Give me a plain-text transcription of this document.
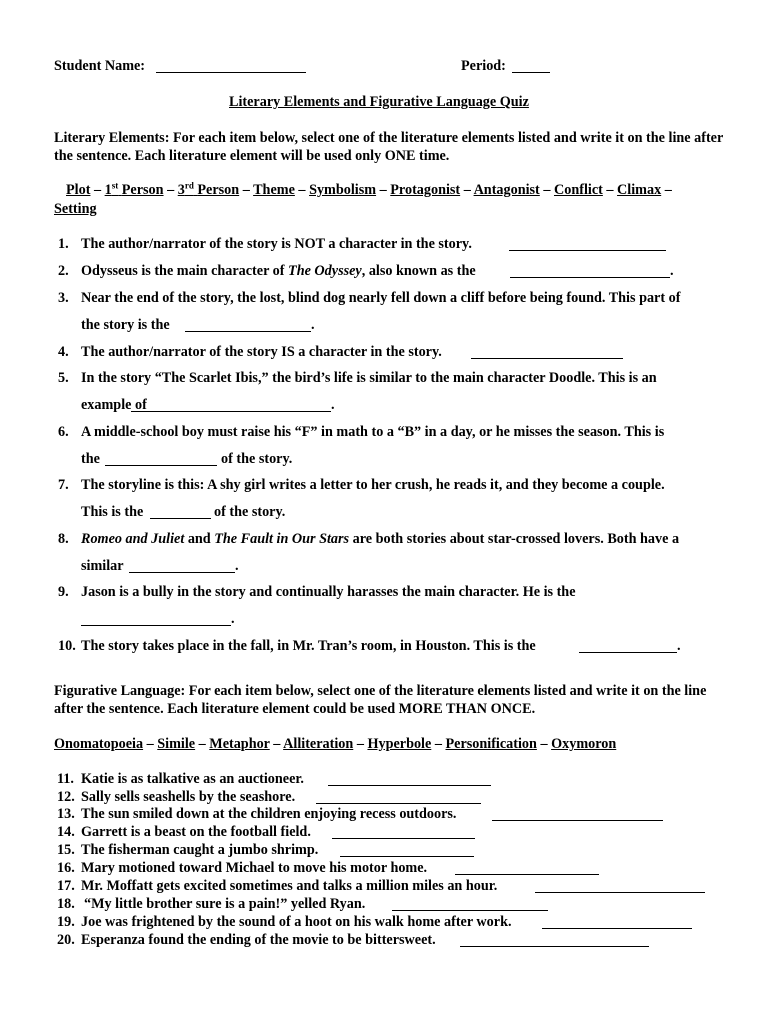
Student Name:	Period:
Literary Elements and Figurative Language Quiz
Literary Elements: For each item below, select one of the literature elements listed and write it on the line after the sentence. Each literature element will be used only ONE time.
Plot – 1st Person – 3rd Person – Theme – Symbolism – Protagonist – Antagonist – Conflict – Climax –
Setting
1. The author/narrator of the story is NOT a character in the story.
2. Odysseus is the main character of The Odyssey, also known as the	.
3. Near the end of the story, the lost, blind dog nearly fell down a cliff before being found. This part of
the story is the	.
4. The author/narrator of the story IS a character in the story.
5. In the story “The Scarlet Ibis,” the bird’s life is similar to the main character Doodle. This is an
example of	.
6. A middle-school boy must raise his “F” in math to a “B” in a day, or he misses the season. This is
the	of the story.
7. The storyline is this: A shy girl writes a letter to her crush, he reads it, and they become a couple.
This is the	of the story.
8. Romeo and Juliet and The Fault in Our Stars are both stories about star-crossed lovers. Both have a
similar	.
9. Jason is a bully in the story and continually harasses the main character. He is the
.
10. The story takes place in the fall, in Mr. Tran’s room, in Houston. This is the	.
Figurative Language: For each item below, select one of the literature elements listed and write it on the line after the sentence. Each literature element could be used MORE THAN ONCE.
Onomatopoeia – Simile – Metaphor – Alliteration – Hyperbole – Personification – Oxymoron
11. Katie is as talkative as an auctioneer.
12. Sally sells seashells by the seashore.
13. The sun smiled down at the children enjoying recess outdoors.
14. Garrett is a beast on the football field.
15. The fisherman caught a jumbo shrimp.
16. Mary motioned toward Michael to move his motor home.
17. Mr. Moffatt gets excited sometimes and talks a million miles an hour.
18. “My little brother sure is a pain!” yelled Ryan.
19. Joe was frightened by the sound of a hoot on his walk home after work.
20. Esperanza found the ending of the movie to be bittersweet.
